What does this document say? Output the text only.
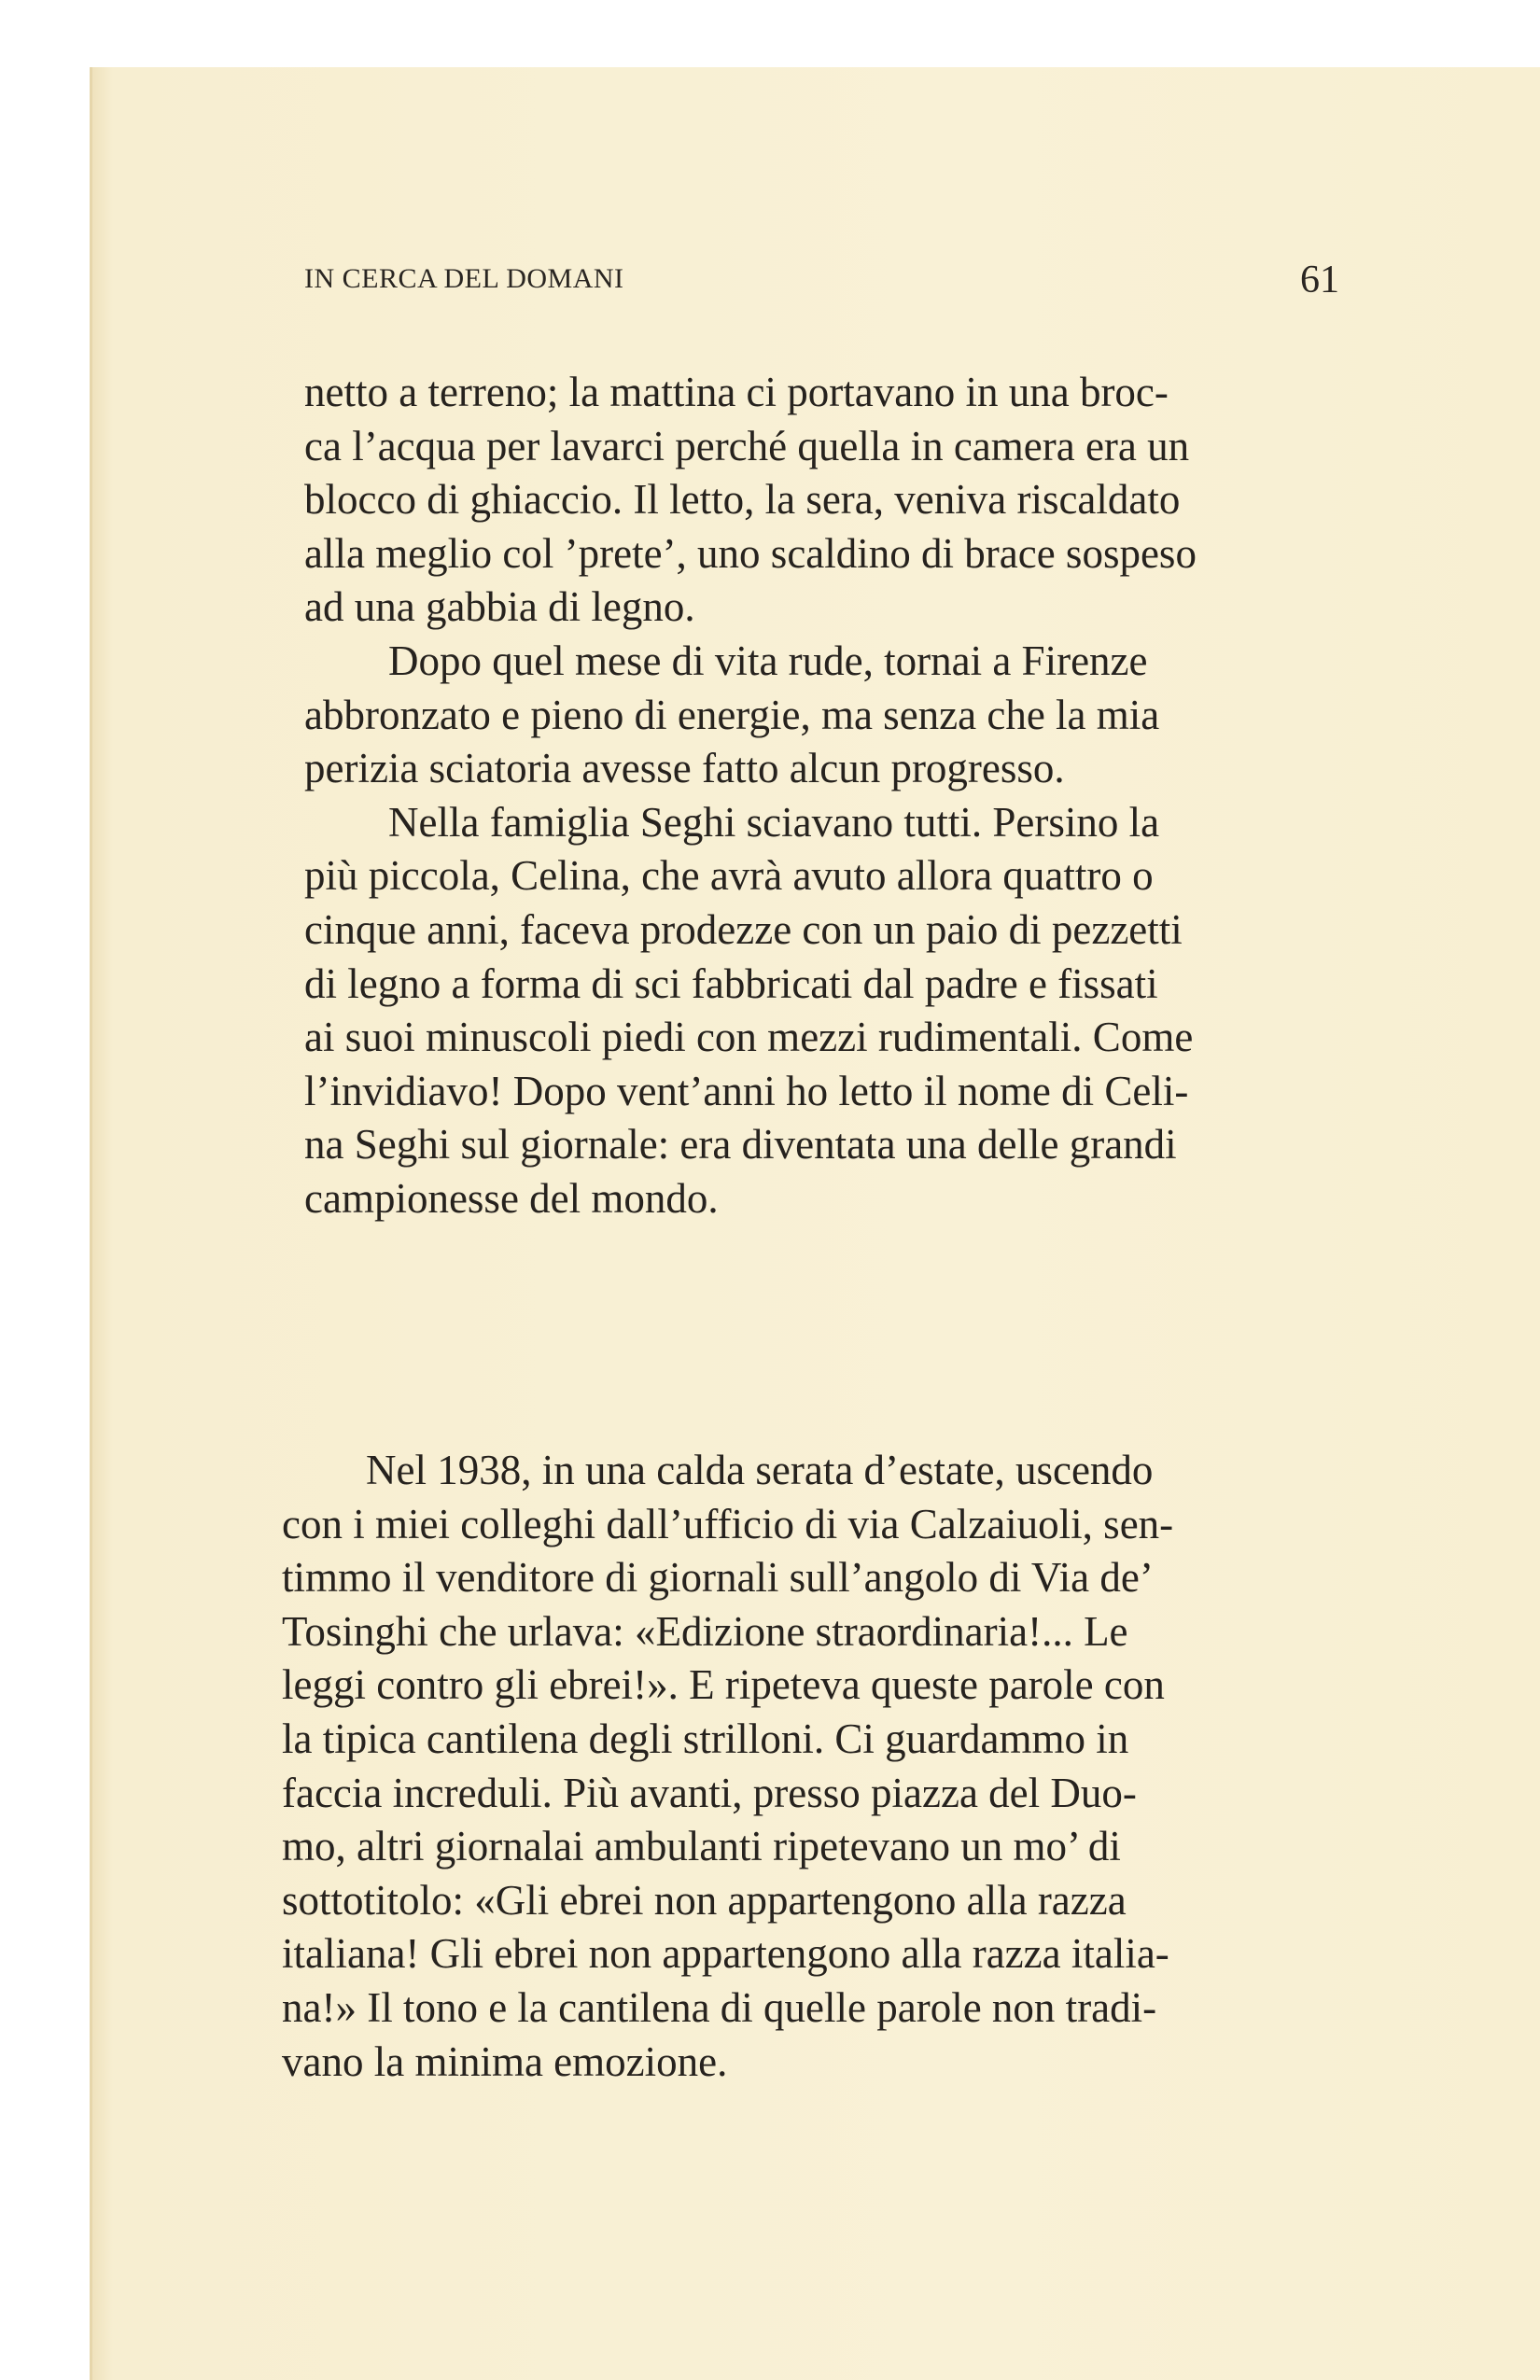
IN CERCA DEL DOMANI	61

netto a terreno; la mattina ci portavano in una broc-
ca l’acqua per lavarci perché quella in camera era un
blocco di ghiaccio. Il letto, la sera, veniva riscaldato
alla meglio col ’prete’, uno scaldino di brace sospeso
ad una gabbia di legno.

Dopo quel mese di vita rude, tornai a Firenze
abbronzato e pieno di energie, ma senza che la mia
perizia sciatoria avesse fatto alcun progresso.

Nella famiglia Seghi sciavano tutti. Persino la
più piccola, Celina, che avrà avuto allora quattro o
cinque anni, faceva prodezze con un paio di pezzetti
di legno a forma di sci fabbricati dal padre e fissati
ai suoi minuscoli piedi con mezzi rudimentali. Come
l’invidiavo! Dopo vent’anni ho letto il nome di Celi-
na Seghi sul giornale: era diventata una delle grandi
campionesse del mondo.

Nel 1938, in una calda serata d’estate, uscendo
con i miei colleghi dall’ufficio di via Calzaiuoli, sen-
timmo il venditore di giornali sull’angolo di Via de’
Tosinghi che urlava: «Edizione straordinaria!... Le
leggi contro gli ebrei!». E ripeteva queste parole con
la tipica cantilena degli strilloni. Ci guardammo in
faccia increduli. Più avanti, presso piazza del Duo-
mo, altri giornalai ambulanti ripetevano un mo’ di
sottotitolo: «Gli ebrei non appartengono alla razza
italiana! Gli ebrei non appartengono alla razza italia-
na!» Il tono e la cantilena di quelle parole non tradi-
vano la minima emozione.
